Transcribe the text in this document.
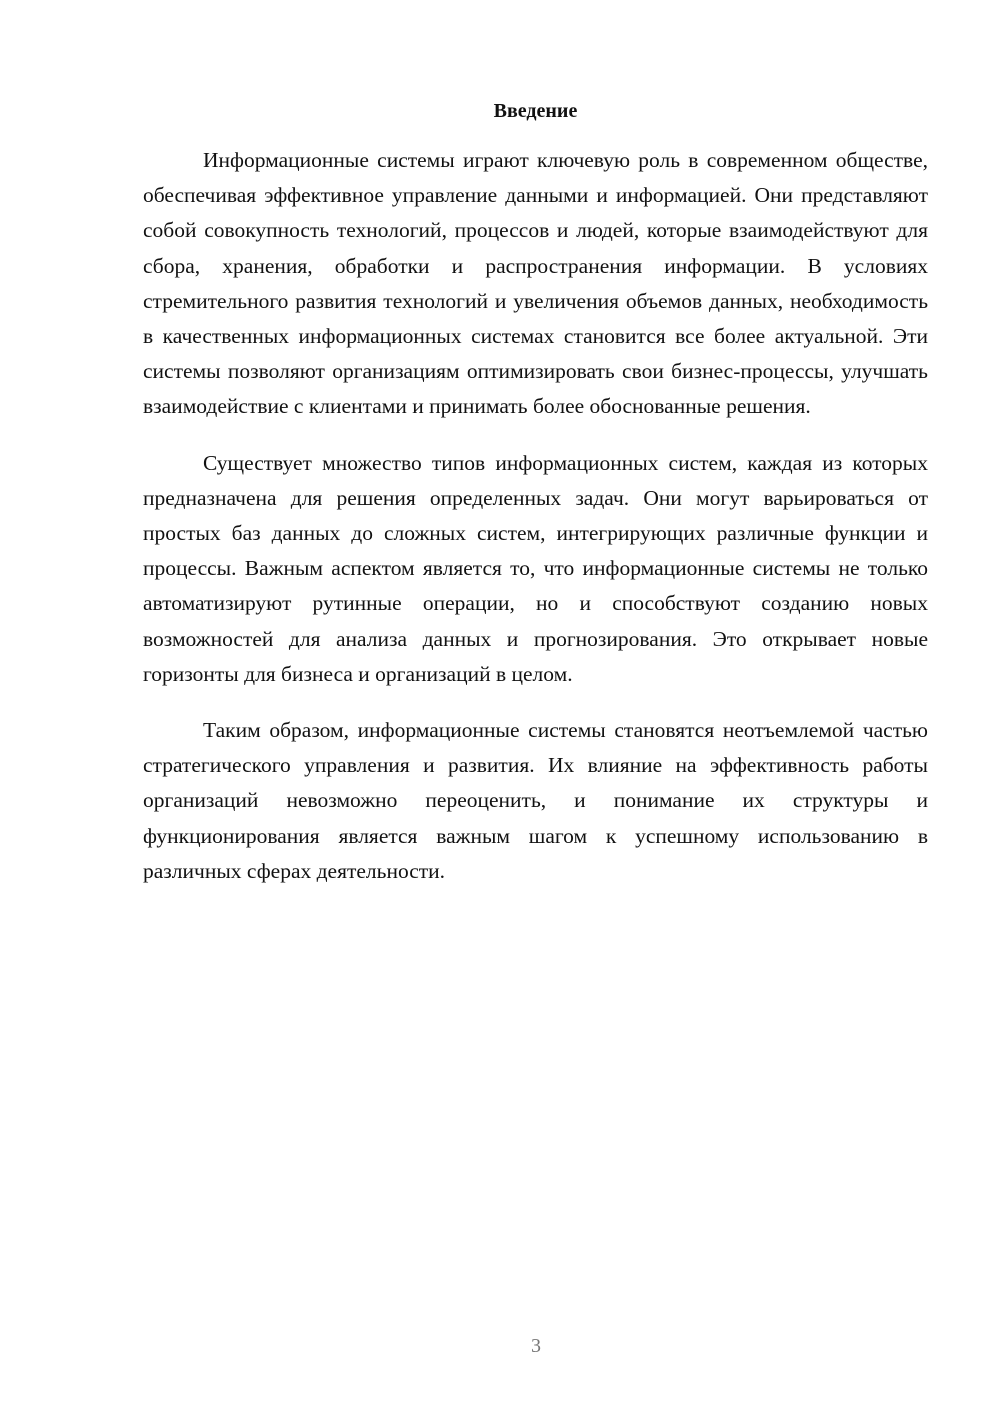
Введение

Информационные системы играют ключевую роль в современном обществе, обеспечивая эффективное управление данными и информацией. Они представляют собой совокупность технологий, процессов и людей, которые взаимодействуют для сбора, хранения, обработки и распространения информации. В условиях стремительного развития технологий и увеличения объемов данных, необходимость в качественных информационных системах становится все более актуальной. Эти системы позволяют организациям оптимизировать свои бизнес-процессы, улучшать взаимодействие с клиентами и принимать более обоснованные решения.

Существует множество типов информационных систем, каждая из которых предназначена для решения определенных задач. Они могут варьироваться от простых баз данных до сложных систем, интегрирующих различные функции и процессы. Важным аспектом является то, что информационные системы не только автоматизируют рутинные операции, но и способствуют созданию новых возможностей для анализа данных и прогнозирования. Это открывает новые горизонты для бизнеса и организаций в целом.

Таким образом, информационные системы становятся неотъемлемой частью стратегического управления и развития. Их влияние на эффективность работы организаций невозможно переоценить, и понимание их структуры и функционирования является важным шагом к успешному использованию в различных сферах деятельности.

3
